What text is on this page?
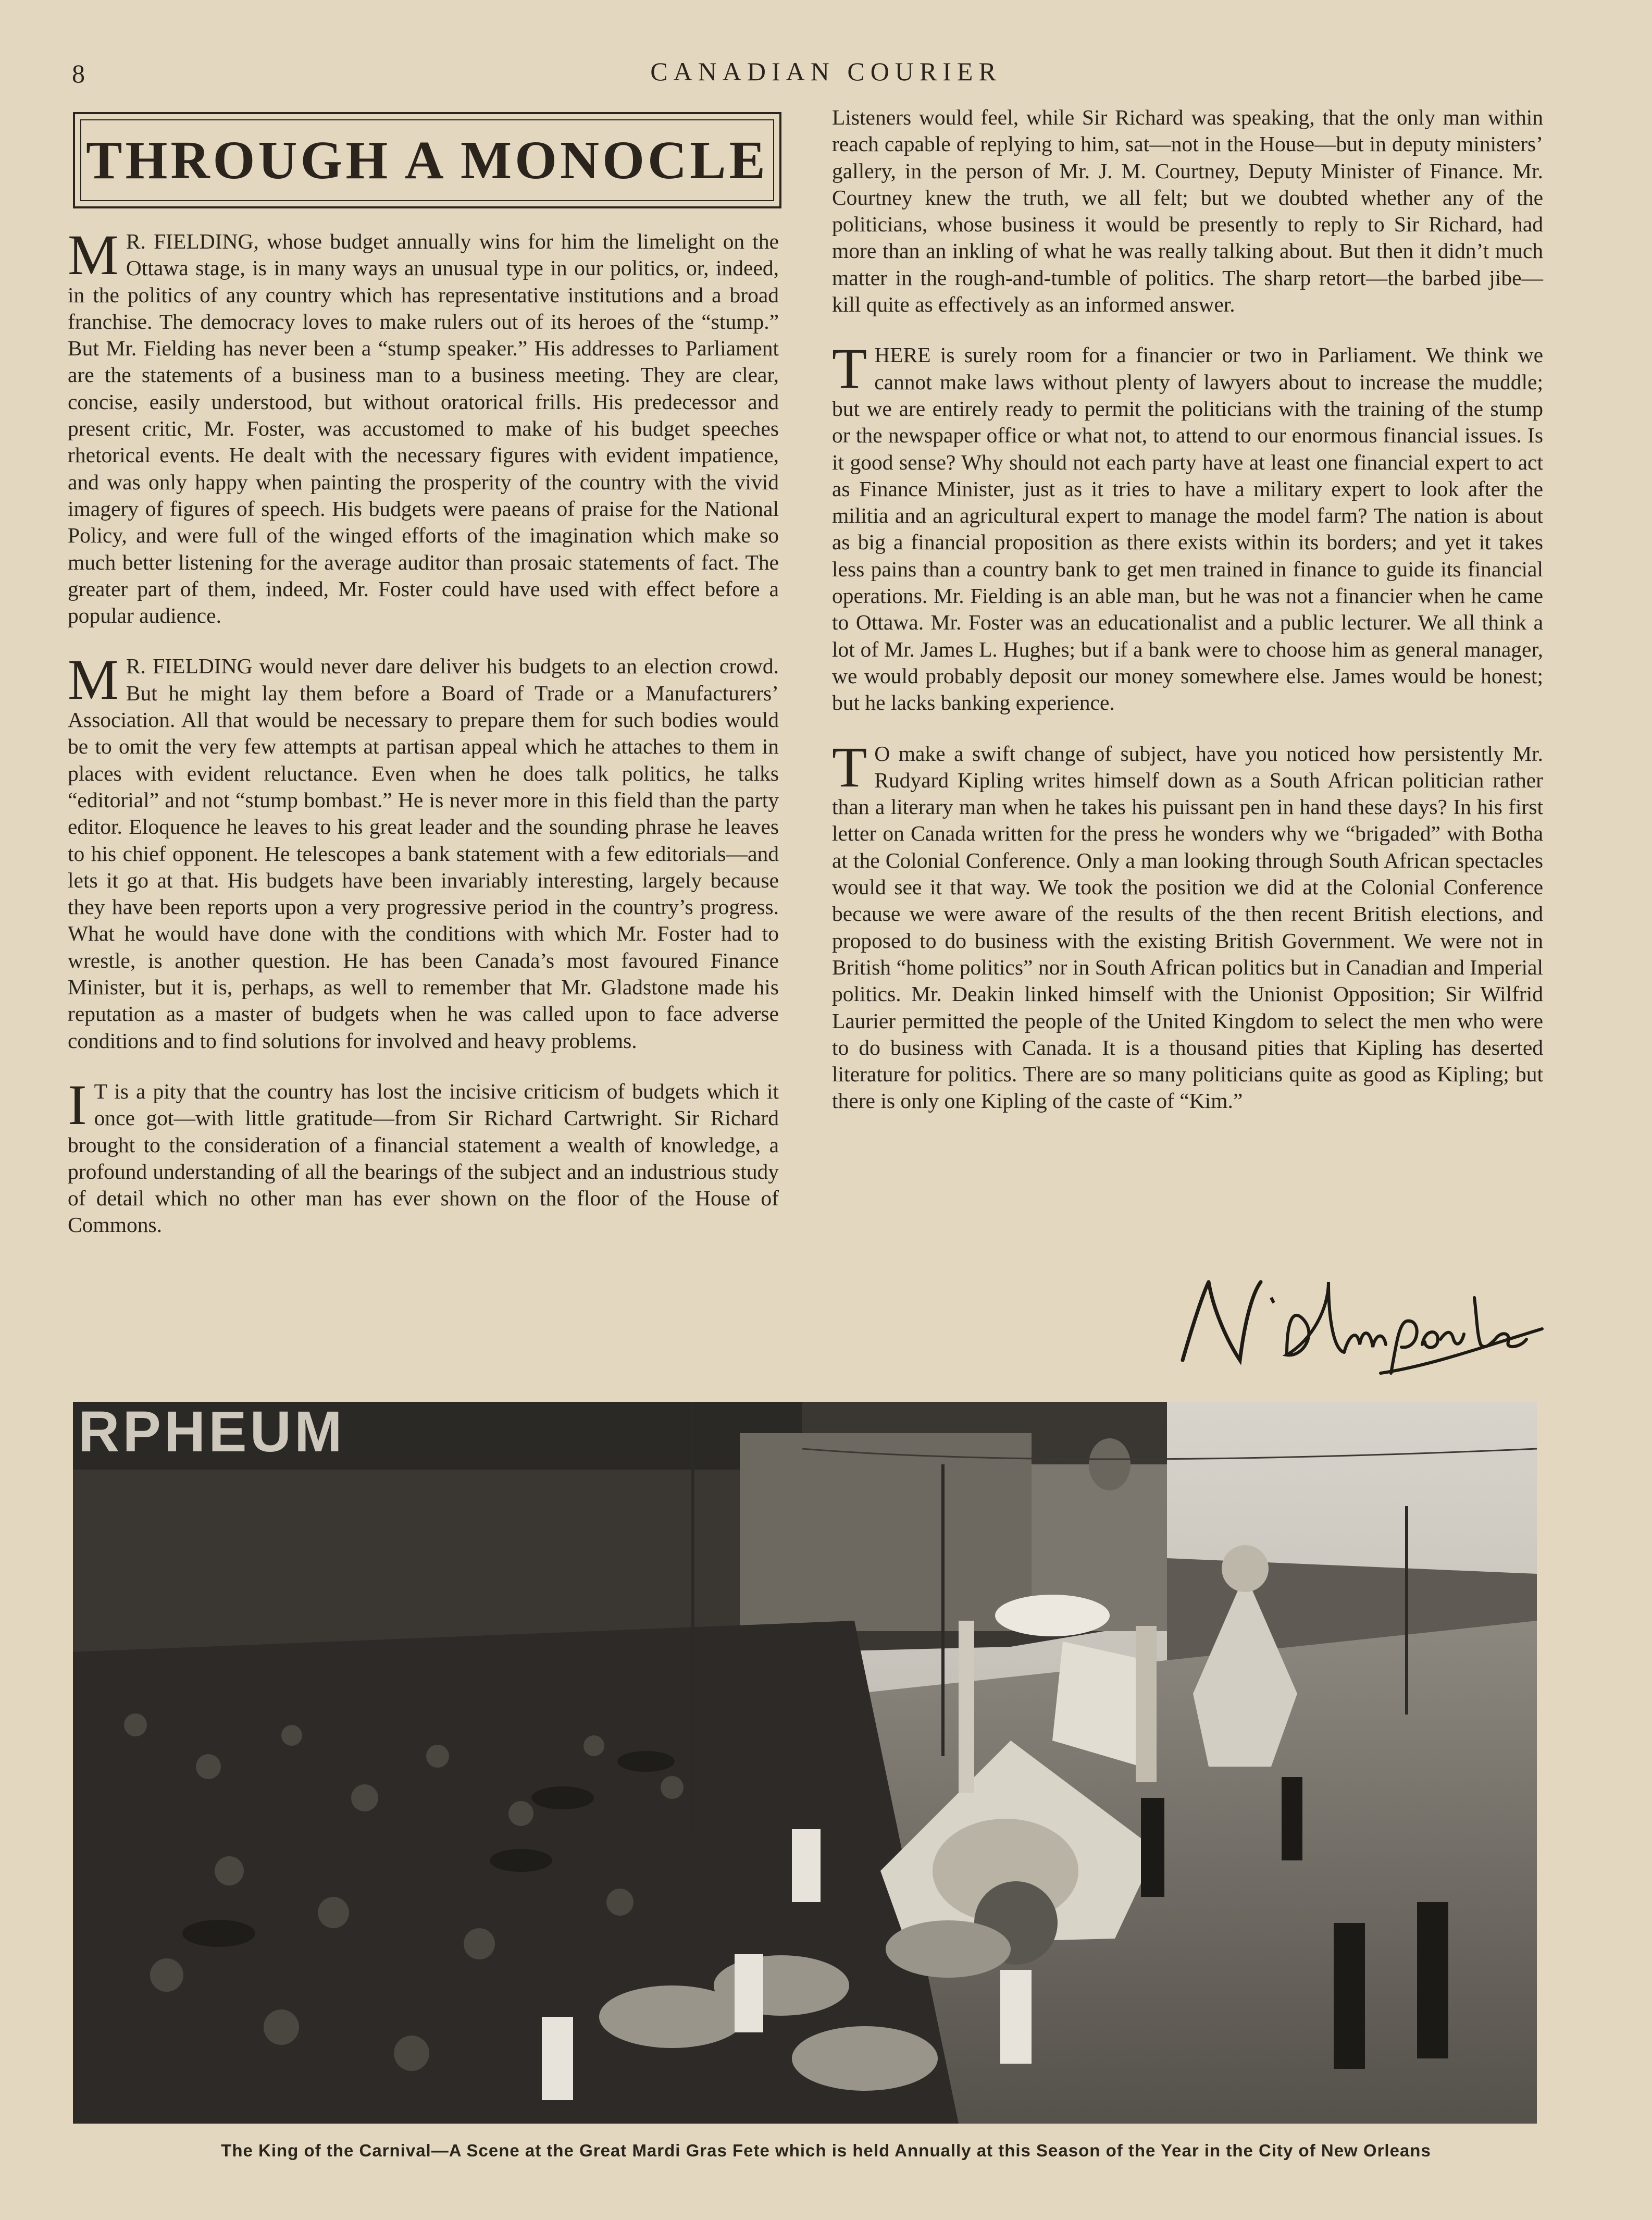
8	CANADIAN COURIER
THROUGH A MONOCLE

M R. FIELDING, whose budget annually wins for him the limelight on the Ottawa stage, is in many ways an unusual type in our politics, or, indeed, in the politics of any country which has representative institutions and a broad franchise. The democracy loves to make rulers out of its heroes of the “stump.” But Mr. Fielding has never been a “stump speaker.” His addresses to Parliament are the statements of a business man to a business meeting. They are clear, concise, easily understood, but without oratorical frills. His predecessor and present critic, Mr. Foster, was accustomed to make of his budget speeches rhetorical events. He dealt with the necessary figures with evident impatience, and was only happy when painting the prosperity of the country with the vivid imagery of figures of speech. His budgets were paeans of praise for the National Policy, and were full of the winged efforts of the imagination which make so much better listening for the average auditor than prosaic statements of fact. The greater part of them, indeed, Mr. Foster could have used with effect before a popular audience.

M R. FIELDING would never dare deliver his budgets to an election crowd. But he might lay them before a Board of Trade or a Manufacturers’ Association. All that would be necessary to prepare them for such bodies would be to omit the very few attempts at partisan appeal which he attaches to them in places with evident reluctance. Even when he does talk politics, he talks “editorial” and not “stump bombast.” He is never more in this field than the party editor. Eloquence he leaves to his great leader and the sounding phrase he leaves to his chief opponent. He telescopes a bank statement with a few editorials—and lets it go at that. His budgets have been invariably interesting, largely because they have been reports upon a very progressive period in the country’s progress. What he would have done with the conditions with which Mr. Foster had to wrestle, is another question. He has been Canada’s most favoured Finance Minister, but it is, perhaps, as well to remember that Mr. Gladstone made his reputation as a master of budgets when he was called upon to face adverse conditions and to find solutions for involved and heavy problems.

I T is a pity that the country has lost the incisive criticism of budgets which it once got—with little gratitude—from Sir Richard Cartwright. Sir Richard brought to the consideration of a financial statement a wealth of knowledge, a profound understanding of all the bearings of the subject and an industrious study of detail which no other man has ever shown on the floor of the House of Commons.

Listeners would feel, while Sir Richard was speaking, that the only man within reach capable of replying to him, sat—not in the House—but in deputy ministers’ gallery, in the person of Mr. J. M. Courtney, Deputy Minister of Finance. Mr. Courtney knew the truth, we all felt; but we doubted whether any of the politicians, whose business it would be presently to reply to Sir Richard, had more than an inkling of what he was really talking about. But then it didn’t much matter in the rough-and-tumble of politics. The sharp retort—the barbed jibe—kill quite as effectively as an informed answer.

THERE is surely room for a financier or two in Parliament. We think we cannot make laws without plenty of lawyers about to increase the muddle; but we are entirely ready to permit the politicians with the training of the stump or the newspaper office or what not, to attend to our enormous financial issues. Is it good sense? Why should not each party have at least one financial expert to act as Finance Minister, just as it tries to have a military expert to look after the militia and an agricultural expert to manage the model farm? The nation is about as big a financial proposition as there exists within its borders; and yet it takes less pains than a country bank to get men trained in finance to guide its financial operations. Mr. Fielding is an able man, but he was not a financier when he came to Ottawa. Mr. Foster was an educationalist and a public lecturer. We all think a lot of Mr. James L. Hughes; but if a bank were to choose him as general manager, we would probably deposit our money somewhere else. James would be honest; but he lacks banking experience.

T O make a swift change of subject, have you noticed how persistently Mr. Rudyard Kipling writes himself down as a South African politician rather than a literary man when he takes his puissant pen in hand these days? In his first letter on Canada written for the press he wonders why we “brigaded” with Botha at the Colonial Conference. Only a man looking through South African spectacles would see it that way. We took the position we did at the Colonial Conference because we were aware of the results of the then recent British elections, and proposed to do business with the existing British Government. We were not in British “home politics” nor in South African politics but in Canadian and Imperial politics. Mr. Deakin linked himself with the Unionist Opposition; Sir Wilfrid Laurier permitted the people of the United Kingdom to select the men who were to do business with Canada. It is a thousand pities that Kipling has deserted literature for politics. There are so many politicians quite as good as Kipling; but there is only one Kipling of the caste of “Kim.”

RPHEUM
The King of the Carnival—A Scene at the Great Mardi Gras Fete which is held Annually at this Season of the Year in the City of New Orleans
